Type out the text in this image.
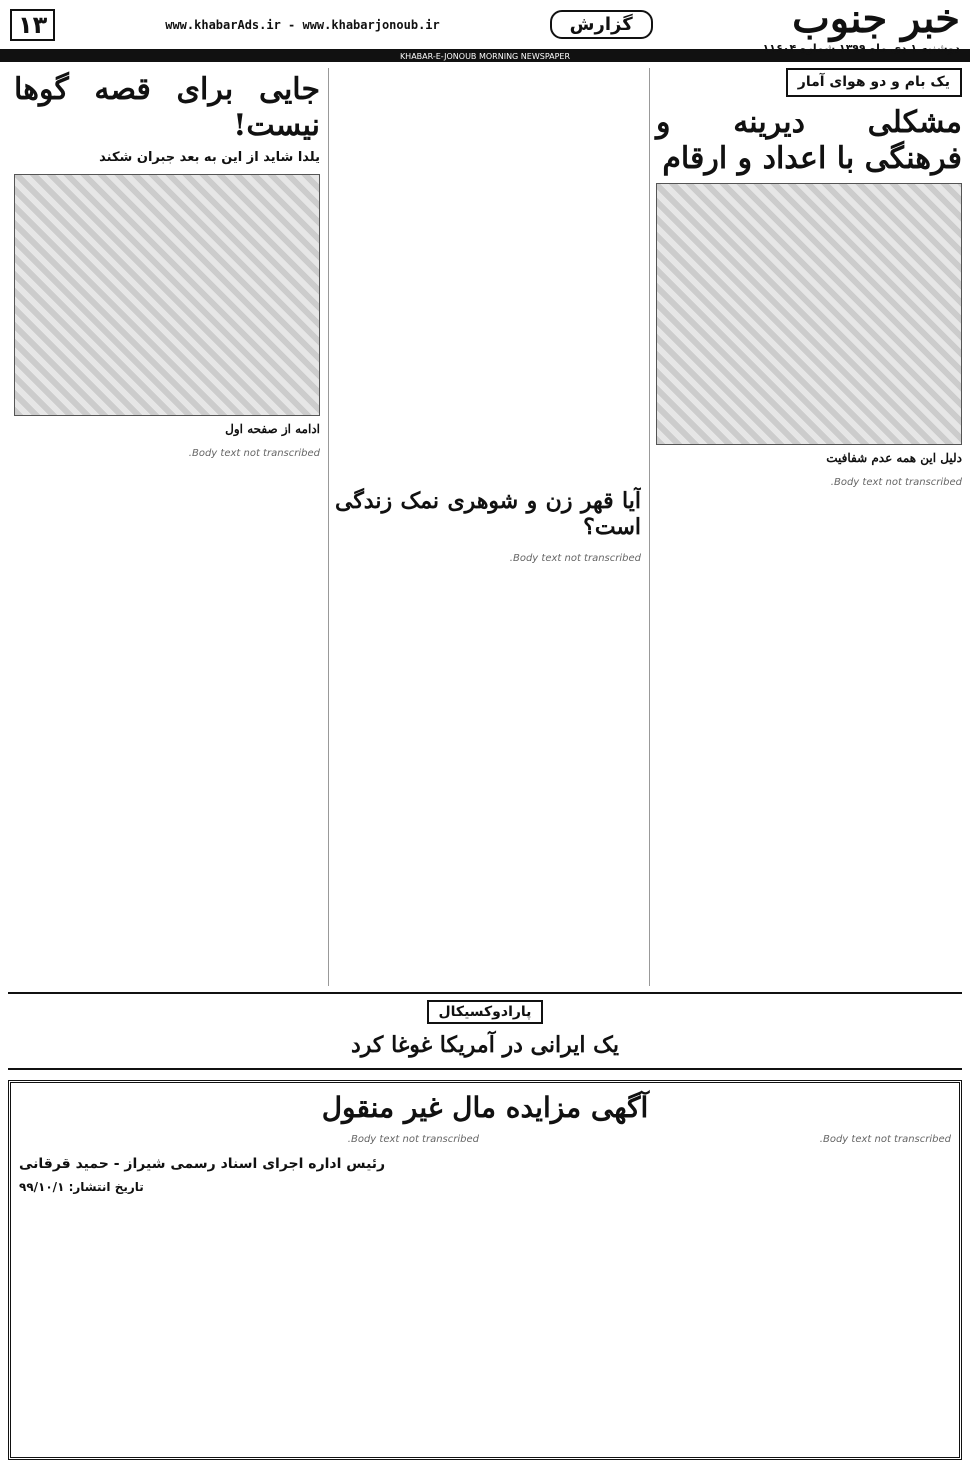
خبر جنوب
دوشنبه ۱ دی ماه ۱۳۹۹ شماره ۱۱۶۰۴
گزارش
www.khabarAds.ir - www.khabarjonoub.ir
۱۳
KHABAR-E-JONOUB MORNING NEWSPAPER
یک بام و دو هوای آمار
مشکلی دیرینه و فرهنگی با اعداد و ارقام
دلیل این همه عدم شفافیت

Body text not transcribed.

آیا قهر زن و شوهری نمک زندگی است؟

Body text not transcribed.

جایی برای قصه گوها نیست!
یلدا شاید از این به بعد جبران شکند
ادامه از صفحه اول

Body text not transcribed.

پارادوکسیکال
یک ایرانی در آمریکا غوغا کرد
آگهی مزایده مال غیر منقول
Body text not transcribed.
Body text not transcribed.
رئیس اداره اجرای اسناد رسمی شیراز - حمید قرقانی
تاریخ انتشار: ۹۹/۱۰/۱
